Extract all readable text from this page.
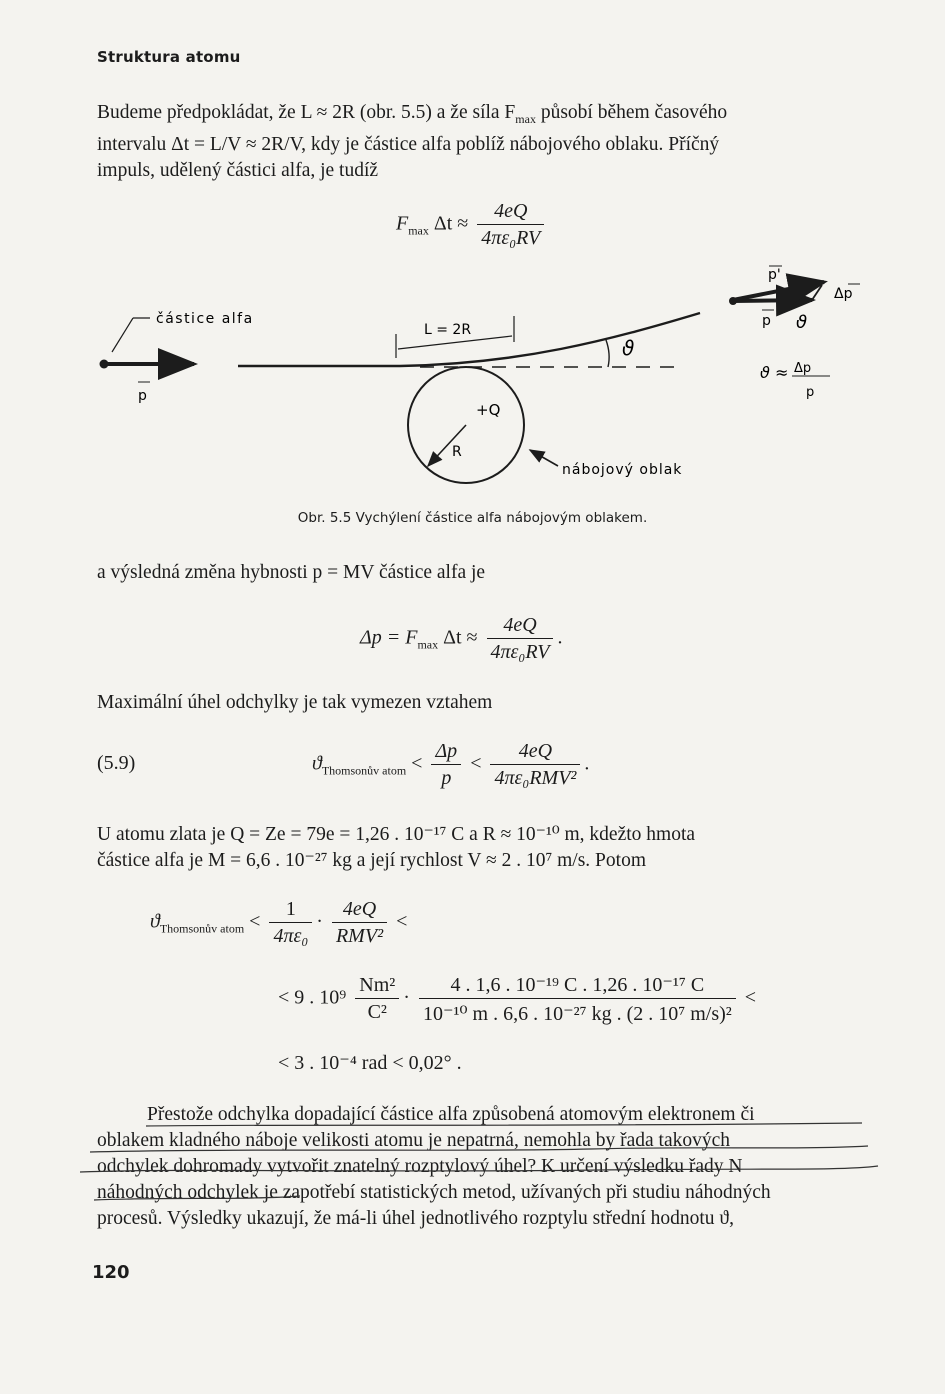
Struktura atomu
Budeme předpokládat, že L ≈ 2R (obr. 5.5) a že síla $F_{max}$ působí během časového
intervalu Δt = L/V ≈ 2R/V, kdy je částice alfa poblíž nábojového oblaku. Příčný
impuls, udělený částici alfa, je tudíž
$F_{max}$ $\Delta t \approx \frac{4eQ}{\text{4πε₀RV}}$
částice alfa
p
ϑ
L = 2R
+Q
R
nábojový oblak
p'
Δp
p ϑ
ϑ ≈ Δp
p
Obr. 5.5 Vychýlení částice alfa nábojovým oblakem.
a výsledná změna hybnosti p = MV částice alfa je
$\Delta p = F_{max}$ $\Delta t \approx \frac{4eQ}{\text{4πε₀RV}}$ .
Maximální úhel odchylky je tak vymezen vztahem
(5.9)	$ϑ_{Thomsonův atom} < \frac{\Delta p}{p} < \frac{4eQ}{\text{4πε₀RMV²}}$ .
U atomu zlata je Q = Ze = 79e = 1,26 . 10⁻¹⁷ C a R ≈ 10⁻¹⁰ m, kdežto hmota
částice alfa je M = 6,6 . 10⁻²⁷ kg a její rychlost V ≈ 2 . 10⁷ m/s. Potom
$ϑ_{Thomsonův atom} < \frac{1}{\text{4πε₀}} \cdot \frac{4eQ}{\text{RMV²}}$ <
< 9 . $10^9 \frac{\text{Nm²}}{\text{C²}} \cdot \frac{\text{4 . 1,6 . 10⁻¹⁹ C . 1,26 . 10⁻¹⁷ C}}{\text{10⁻¹⁰ m . 6,6 . 10⁻²⁷ kg . (2 . 10⁷ m/s)²}}$ <
< 3 . 10⁻⁴ rad < 0,02° .
Přestože odchylka dopadající částice alfa způsobená atomovým elektronem či
oblakem kladného náboje velikosti atomu je nepatrná, nemohla by řada takových
odchylek dohromady vytvořit znatelný rozptylový úhel? K určení výsledku řady N
náhodných odchylek je zapotřebí statistických metod, užívaných při studiu náhodných
procesů. Výsledky ukazují, že má-li úhel jednotlivého rozptylu střední hodnotu ϑ,
120
